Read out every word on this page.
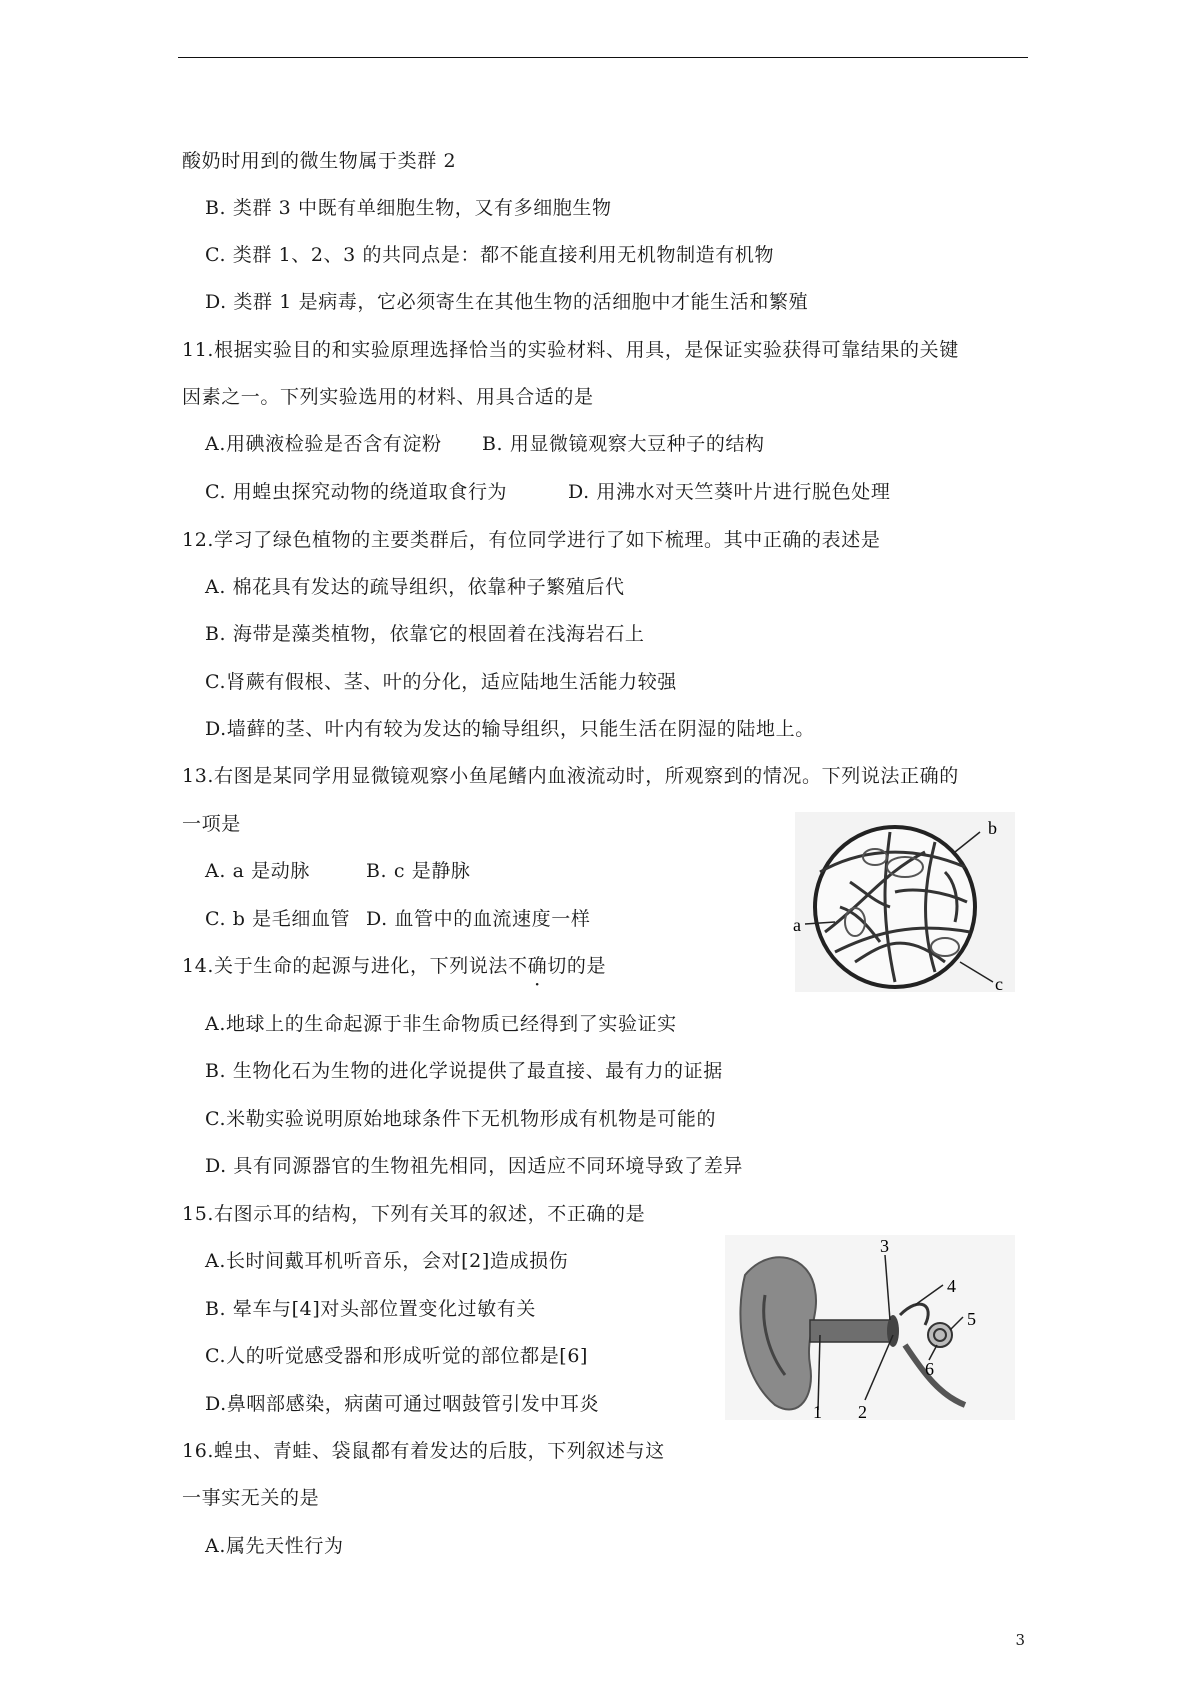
酸奶时用到的微生物属于类群 2
B. 类群 3 中既有单细胞生物，又有多细胞生物
C. 类群 1、2、3 的共同点是：都不能直接利用无机物制造有机物
D. 类群 1 是病毒，它必须寄生在其他生物的活细胞中才能生活和繁殖
11.根据实验目的和实验原理选择恰当的实验材料、用具，是保证实验获得可靠结果的关键
因素之一。下列实验选用的材料、用具合适的是
A.用碘液检验是否含有淀粉 B. 用显微镜观察大豆种子的结构
C. 用蝗虫探究动物的绕道取食行为	D. 用沸水对天竺葵叶片进行脱色处理
12.学习了绿色植物的主要类群后，有位同学进行了如下梳理。其中正确的表述是
A. 棉花具有发达的疏导组织，依靠种子繁殖后代
B. 海带是藻类植物，依靠它的根固着在浅海岩石上
C.肾蕨有假根、茎、叶的分化，适应陆地生活能力较强
D.墙藓的茎、叶内有较为发达的输导组织，只能生活在阴湿的陆地上。
13.右图是某同学用显微镜观察小鱼尾鳍内血液流动时，所观察到的情况。下列说法正确的
一项是
A. a 是动脉	B. c 是静脉
C. b 是毛细血管 D. 血管中的血流速度一样
14.关于生命的起源与进化，下列说法不确切的是
A.地球上的生命起源于非生命物质已经得到了实验证实
B. 生物化石为生物的进化学说提供了最直接、最有力的证据
C.米勒实验说明原始地球条件下无机物形成有机物是可能的
D. 具有同源器官的生物祖先相同，因适应不同环境导致了差异
15.右图示耳的结构，下列有关耳的叙述，不正确的是
A.长时间戴耳机听音乐，会对[2]造成损伤
B. 晕车与[4]对头部位置变化过敏有关
C.人的听觉感受器和形成听觉的部位都是[6]
D.鼻咽部感染，病菌可通过咽鼓管引发中耳炎
16.蝗虫、青蛙、袋鼠都有着发达的后肢，下列叙述与这
一事实无关的是
A.属先天性行为
3
b
a
c
3
4
5
6
1 2
